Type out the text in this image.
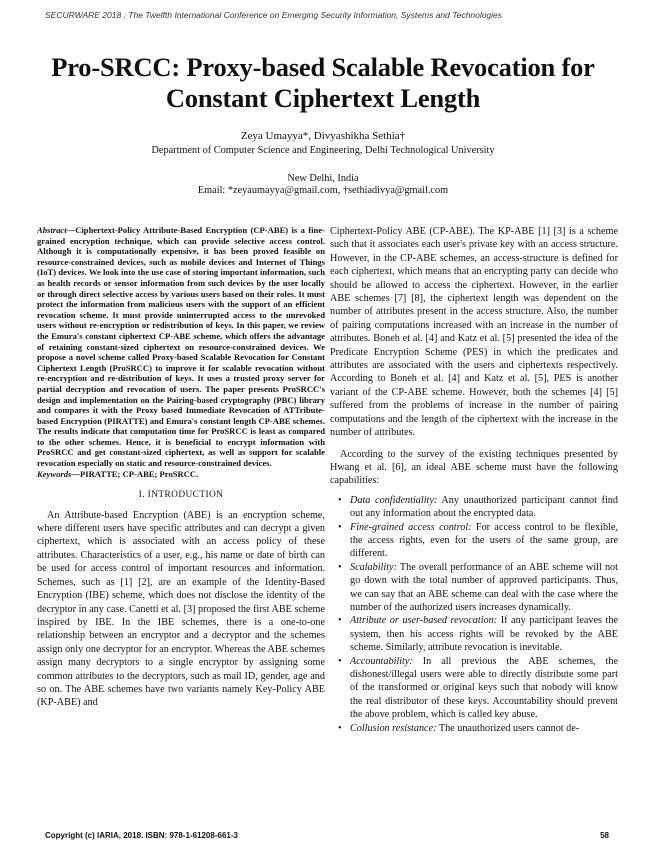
SECURWARE 2018 : The Twelfth International Conference on Emerging Security Information, Systems and Technologies
Pro-SRCC: Proxy-based Scalable Revocation for Constant Ciphertext Length
Zeya Umayya*, Divyashikha Sethia†
Department of Computer Science and Engineering, Delhi Technological University
New Delhi, India
Email: *zeyaumayya@gmail.com, †sethiadivya@gmail.com

Abstract—Ciphertext-Policy Attribute-Based Encryption (CP-ABE) is a fine-grained encryption technique, which can provide selective access control. Although it is computationally expensive, it has been proved feasible on resource-constrained devices, such as mobile devices and Internet of Things (IoT) devices. We look into the use case of storing important information, such as health records or sensor information from such devices by the user locally or through direct selective access by various users based on their roles. It must protect the information from malicious users with the support of an efficient revocation scheme. It must provide uninterrupted access to the unrevoked users without re-encryption or redistribution of keys. In this paper, we review the Emura's constant ciphertext CP-ABE scheme, which offers the advantage of retaining constant-sized ciphertext on resource-constrained devices. We propose a novel scheme called Proxy-based Scalable Revocation for Constant Ciphertext Length (ProSRCC) to improve it for scalable revocation without re-encryption and re-distribution of keys. It uses a trusted proxy server for partial decryption and revocation of users. The paper presents ProSRCC's design and implementation on the Pairing-based cryptography (PBC) library and compares it with the Proxy based Immediate Revocation of ATTribute-based Encryption (PIRATTE) and Emura's constant length CP-ABE schemes. The results indicate that computation time for ProSRCC is least as compared to the other schemes. Hence, it is beneficial to encrypt information with ProSRCC and get constant-sized ciphertext, as well as support for scalable revocation especially on static and resource-constrained devices.

Keywords—PIRATTE; CP-ABE; ProSRCC.

I. INTRODUCTION

An Attribute-based Encryption (ABE) is an encryption scheme, where different users have specific attributes and can decrypt a given ciphertext, which is associated with an access policy of these attributes. Characteristics of a user, e.g., his name or date of birth can be used for access control of important resources and information. Schemes, such as [1] [2], are an example of the Identity-Based Encryption (IBE) scheme, which does not disclose the identity of the decryptor in any case. Canetti et al. [3] proposed the first ABE scheme inspired by IBE. In the IBE schemes, there is a one-to-one relationship between an encryptor and a decryptor and the schemes assign only one decryptor for an encryptor. Whereas the ABE schemes assign many decryptors to a single encryptor by assigning some common attributes to the decryptors, such as mail ID, gender, age and so on. The ABE schemes have two variants namely Key-Policy ABE (KP-ABE) and

Ciphertext-Policy ABE (CP-ABE). The KP-ABE [1] [3] is a scheme such that it associates each user's private key with an access structure. However, in the CP-ABE schemes, an access-structure is defined for each ciphertext, which means that an encrypting party can decide who should be allowed to access the ciphertext. However, in the earlier ABE schemes [7] [8], the ciphertext length was dependent on the number of attributes present in the access structure. Also, the number of pairing computations increased with an increase in the number of attributes. Boneh et al. [4] and Katz et al. [5] presented the idea of the Predicate Encryption Scheme (PES) in which the predicates and attributes are associated with the users and ciphertexts respectively. According to Boneh et al. [4] and Katz et al. [5], PES is another variant of the CP-ABE scheme. However, both the schemes [4] [5] suffered from the problems of increase in the number of pairing computations and the length of the ciphertext with the increase in the number of attributes.

According to the survey of the existing techniques presented by Hwang et al. [6], an ideal ABE scheme must have the following capabilities:

• Data confidentiality: Any unauthorized participant cannot find out any information about the encrypted data.
• Fine-grained access control: For access control to be flexible, the access rights, even for the users of the same group, are different.
• Scalability: The overall performance of an ABE scheme will not go down with the total number of approved participants. Thus, we can say that an ABE scheme can deal with the case where the number of the authorized users increases dynamically.
• Attribute or user-based revocation: If any participant leaves the system, then his access rights will be revoked by the ABE scheme. Similarly, attribute revocation is inevitable.
• Accountability: In all previous the ABE schemes, the dishonest/illegal users were able to directly distribute some part of the transformed or original keys such that nobody will know the real distributor of these keys. Accountability should prevent the above problem, which is called key abuse.
• Collusion resistance: The unauthorized users cannot de-
Copyright (c) IARIA, 2018. ISBN: 978-1-61208-661-3	58
